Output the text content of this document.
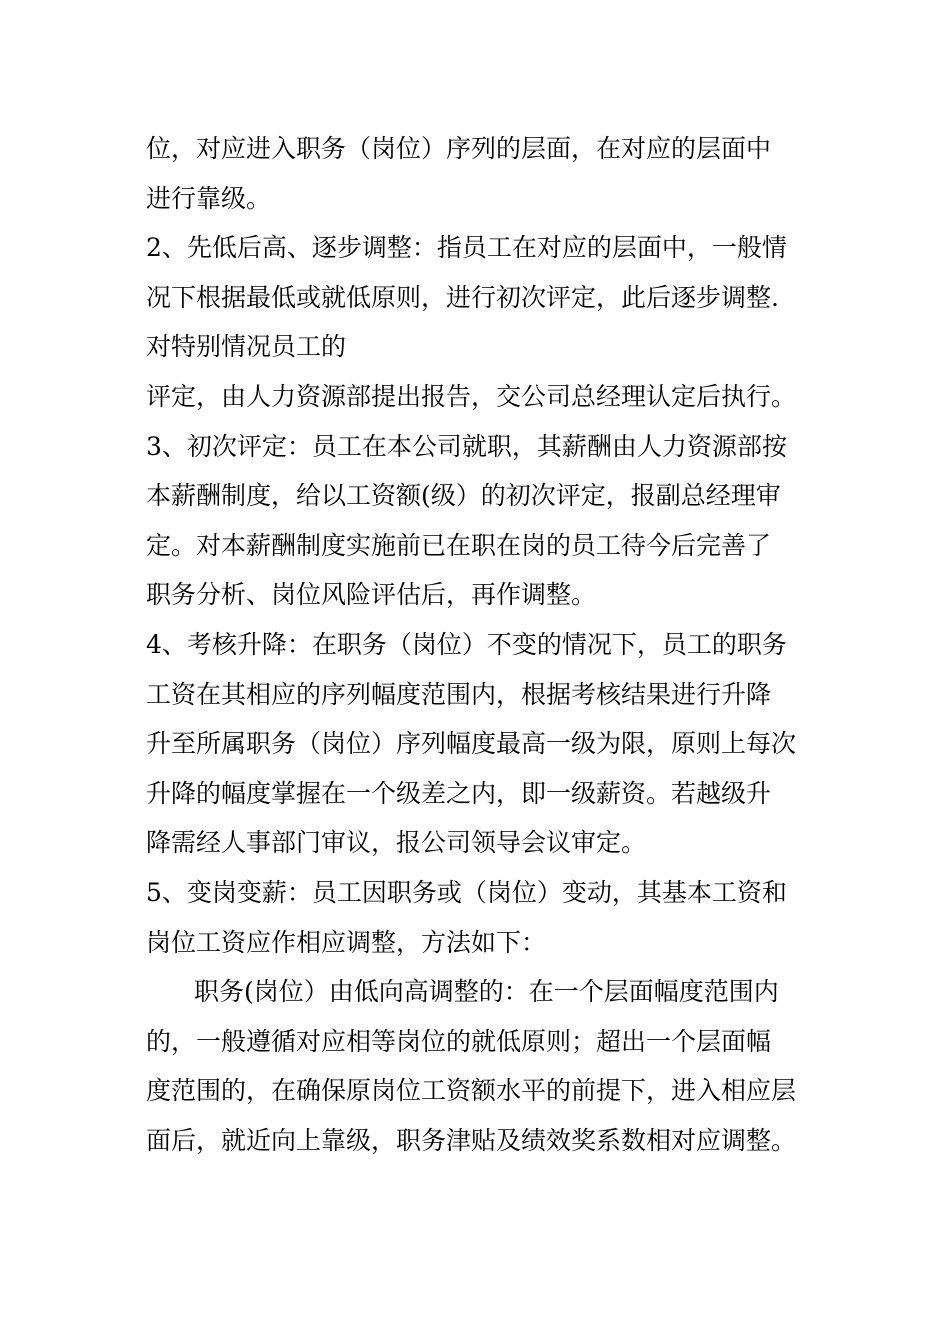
位，对应进入职务（岗位）序列的层面，在对应的层面中
进行靠级。
2、先低后高、逐步调整：指员工在对应的层面中，一般情
况下根据最低或就低原则，进行初次评定，此后逐步调整.
对特别情况员工的
评定，由人力资源部提出报告，交公司总经理认定后执行。
3、初次评定：员工在本公司就职，其薪酬由人力资源部按
本薪酬制度，给以工资额(级）的初次评定，报副总经理审
定。对本薪酬制度实施前已在职在岗的员工待今后完善了
职务分析、岗位风险评估后，再作调整。
4、考核升降：在职务（岗位）不变的情况下，员工的职务
工资在其相应的序列幅度范围内，根据考核结果进行升降
升至所属职务（岗位）序列幅度最高一级为限，原则上每次
升降的幅度掌握在一个级差之内，即一级薪资。若越级升
降需经人事部门审议，报公司领导会议审定。
5、变岗变薪：员工因职务或（岗位）变动，其基本工资和
岗位工资应作相应调整，方法如下：
职务(岗位）由低向高调整的：在一个层面幅度范围内
的，一般遵循对应相等岗位的就低原则；超出一个层面幅
度范围的，在确保原岗位工资额水平的前提下，进入相应层
面后，就近向上靠级，职务津贴及绩效奖系数相对应调整。
